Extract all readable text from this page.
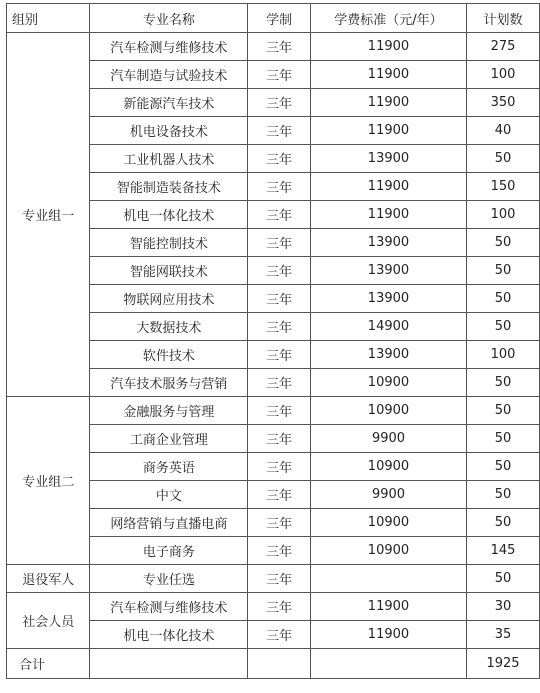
组别	专业名称	学制	学费标准（元/年）	计划数
专业组一	汽车检测与维修技术	三年	11900	275
	汽车制造与试验技术	三年	11900	100
	新能源汽车技术	三年	11900	350
	机电设备技术	三年	11900	40
	工业机器人技术	三年	13900	50
	智能制造装备技术	三年	11900	150
	机电一体化技术	三年	11900	100
	智能控制技术	三年	13900	50
	智能网联技术	三年	13900	50
	物联网应用技术	三年	13900	50
	大数据技术	三年	14900	50
	软件技术	三年	13900	100
	汽车技术服务与营销	三年	10900	50
专业组二	金融服务与管理	三年	10900	50
	工商企业管理	三年	9900	50
	商务英语	三年	10900	50
	中文	三年	9900	50
	网络营销与直播电商	三年	10900	50
	电子商务	三年	10900	145
退役军人	专业任选	三年		50
社会人员	汽车检测与维修技术	三年	11900	30
	机电一体化技术	三年	11900	35
合计				1925
